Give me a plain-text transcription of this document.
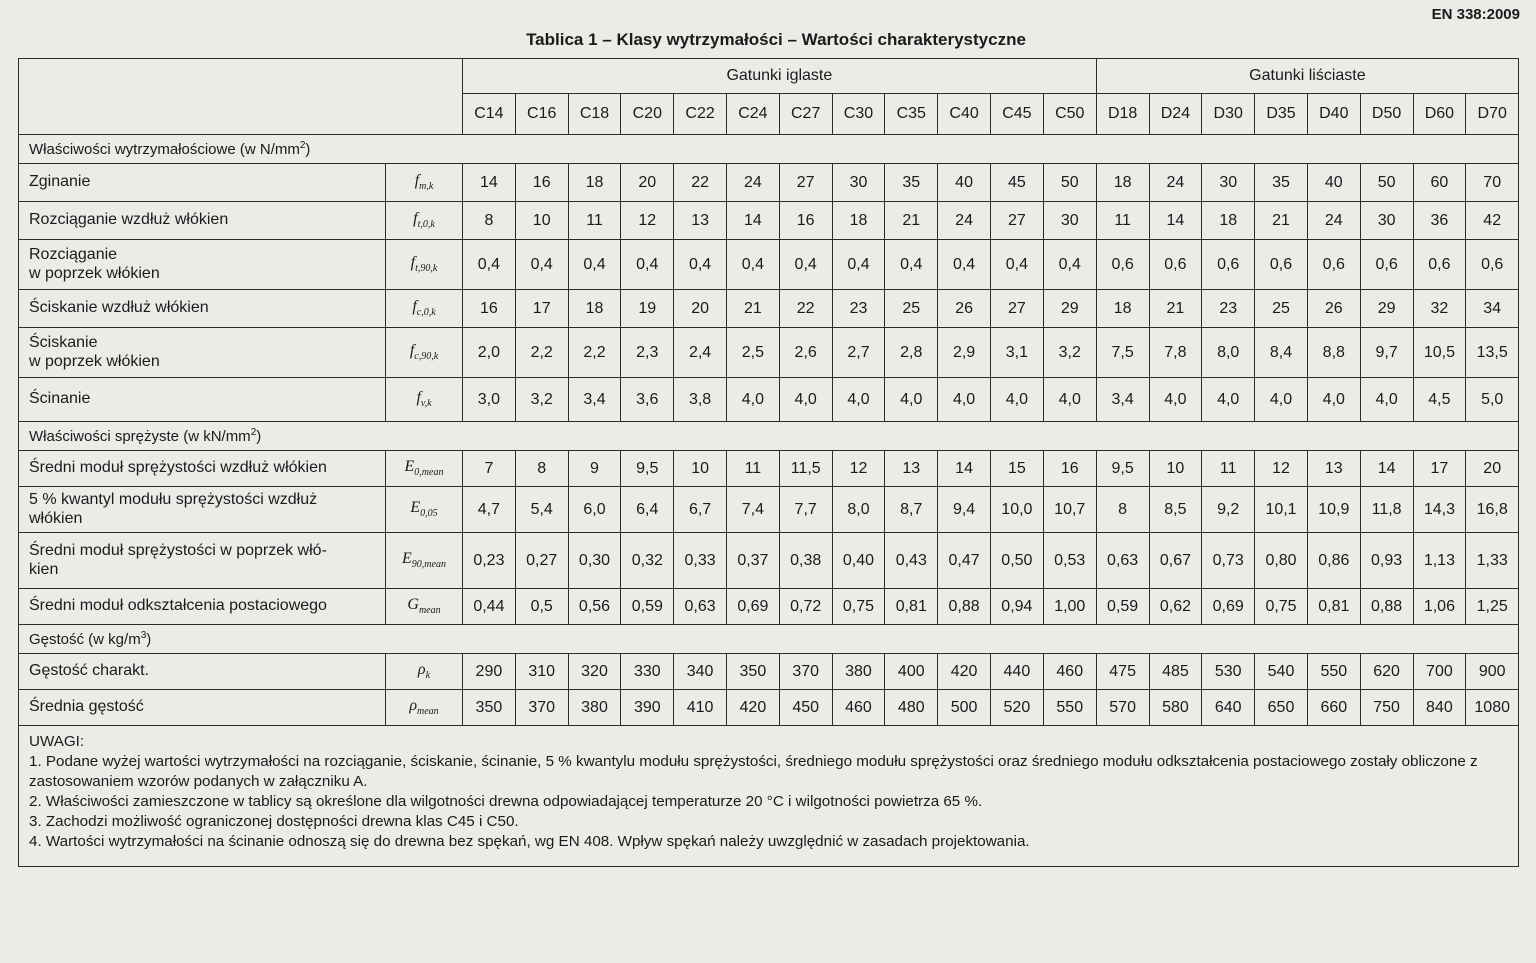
EN 338:2009
Tablica 1 – Klasy wytrzymałości – Wartości charakterystyczne
		Gatunki iglaste												Gatunki liściaste							
		C14	C16	C18	C20	C22	C24	C27	C30	C35	C40	C45	C50	D18	D24	D30	D35	D40	D50	D60	D70
Właściwości wytrzymałościowe (w $N/mm^2$)																					

Zginanie	$f_{m,k}$	14	16	18	20	22	24	27	30	35	40	45	50	18	24	30	35	40	50	60	70

Rozciąganie wzdłuż włókien	$f_{t,0,k}$	8	10	11	12	13	14	16	18	21	24	27	30	11	14	18	21	24	30	36	42

Rozciąganie
w poprzek włókien	$f_{t,90,k}$	0,4	0,4	0,4	0,4	0,4	0,4	0,4	0,4	0,4	0,4	0,4	0,4	0,6	0,6	0,6	0,6	0,6	0,6	0,6	0,6

Ściskanie wzdłuż włókien	$f_{c,0,k}$	16	17	18	19	20	21	22	23	25	26	27	29	18	21	23	25	26	29	32	34

Ściskanie
w poprzek włókien	$f_{c,90,k}$	2,0	2,2	2,2	2,3	2,4	2,5	2,6	2,7	2,8	2,9	3,1	3,2	7,5	7,8	8,0	8,4	8,8	9,7	10,5	13,5

Ścinanie	$f_{v,k}$	3,0	3,2	3,4	3,6	3,8	4,0	4,0	4,0	4,0	4,0	4,0	4,0	3,4	4,0	4,0	4,0	4,0	4,0	4,5	5,0
Właściwości sprężyste (w $kN/mm^2$)																					

Średni moduł sprężystości wzdłuż włókien	$E_{0,mean}$	7	8	9	9,5	10	11	11,5	12	13	14	15	16	9,5	10	11	12	13	14	17	20

5 % kwantyl modułu sprężystości wzdłuż
włókien	$E_{0,05}$	4,7	5,4	6,0	6,4	6,7	7,4	7,7	8,0	8,7	9,4	10,0	10,7	8	8,5	9,2	10,1	10,9	11,8	14,3	16,8

Średni moduł sprężystości w poprzek włó-
kien	$E_{90,mean}$	0,23	0,27	0,30	0,32	0,33	0,37	0,38	0,40	0,43	0,47	0,50	0,53	0,63	0,67	0,73	0,80	0,86	0,93	1,13	1,33

Średni moduł odkształcenia postaciowego	$G_{mean}$	0,44	0,5	0,56	0,59	0,63	0,69	0,72	0,75	0,81	0,88	0,94	1,00	0,59	0,62	0,69	0,75	0,81	0,88	1,06	1,25
Gęstość (w $kg/m^3$)																					

Gęstość charakt.	$\rho_k$	290	310	320	330	340	350	370	380	400	420	440	460	475	485	530	540	550	620	700	900

Średnia gęstość	$\rho_{mean}$	350	370	380	390	410	420	450	460	480	500	520	550	570	580	640	650	660	750	840	1080

UWAGI:
1. Podane wyżej wartości wytrzymałości na rozciąganie, ściskanie, ścinanie, 5 % kwantylu modułu sprężystości, średniego modułu sprężystości oraz średniego modułu odkształcenia postaciowego zostały obliczone z zastosowaniem wzorów podanych w załączniku A.
2. Właściwości zamieszczone w tablicy są określone dla wilgotności drewna odpowiadającej temperaturze 20 °C i wilgotności powietrza 65 %.
3. Zachodzi możliwość ograniczonej dostępności drewna klas C45 i C50.
4. Wartości wytrzymałości na ścinanie odnoszą się do drewna bez spękań, wg EN 408. Wpływ spękań należy uwzględnić w zasadach projektowania.																					
